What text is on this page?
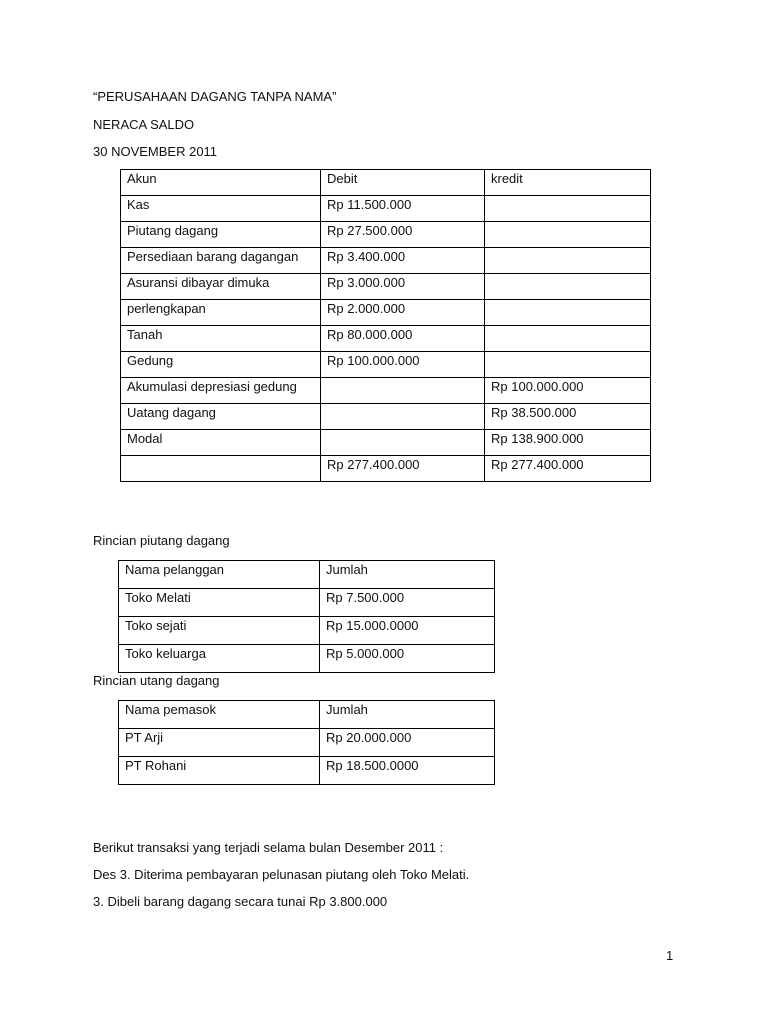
“PERUSAHAAN DAGANG TANPA NAMA”
NERACA SALDO
30 NOVEMBER 2011
Akun	Debit	kredit
Kas	Rp 11.500.000	
Piutang dagang	Rp 27.500.000	
Persediaan barang dagangan	Rp 3.400.000	
Asuransi dibayar dimuka	Rp 3.000.000	
perlengkapan	Rp 2.000.000	
Tanah	Rp 80.000.000	
Gedung	Rp 100.000.000	
Akumulasi depresiasi gedung		Rp 100.000.000
Uatang dagang		Rp 38.500.000
Modal		Rp 138.900.000
	Rp 277.400.000	Rp 277.400.000
Rincian piutang dagang
Nama pelanggan	Jumlah
Toko Melati	Rp 7.500.000
Toko sejati	Rp 15.000.0000
Toko keluarga	Rp 5.000.000
Rincian utang dagang
Nama pemasok	Jumlah
PT Arji	Rp 20.000.000
PT Rohani	Rp 18.500.0000
Berikut transaksi yang terjadi selama bulan Desember 2011 :
Des 3. Diterima pembayaran pelunasan piutang oleh Toko Melati.
3. Dibeli barang dagang secara tunai Rp 3.800.000
1
